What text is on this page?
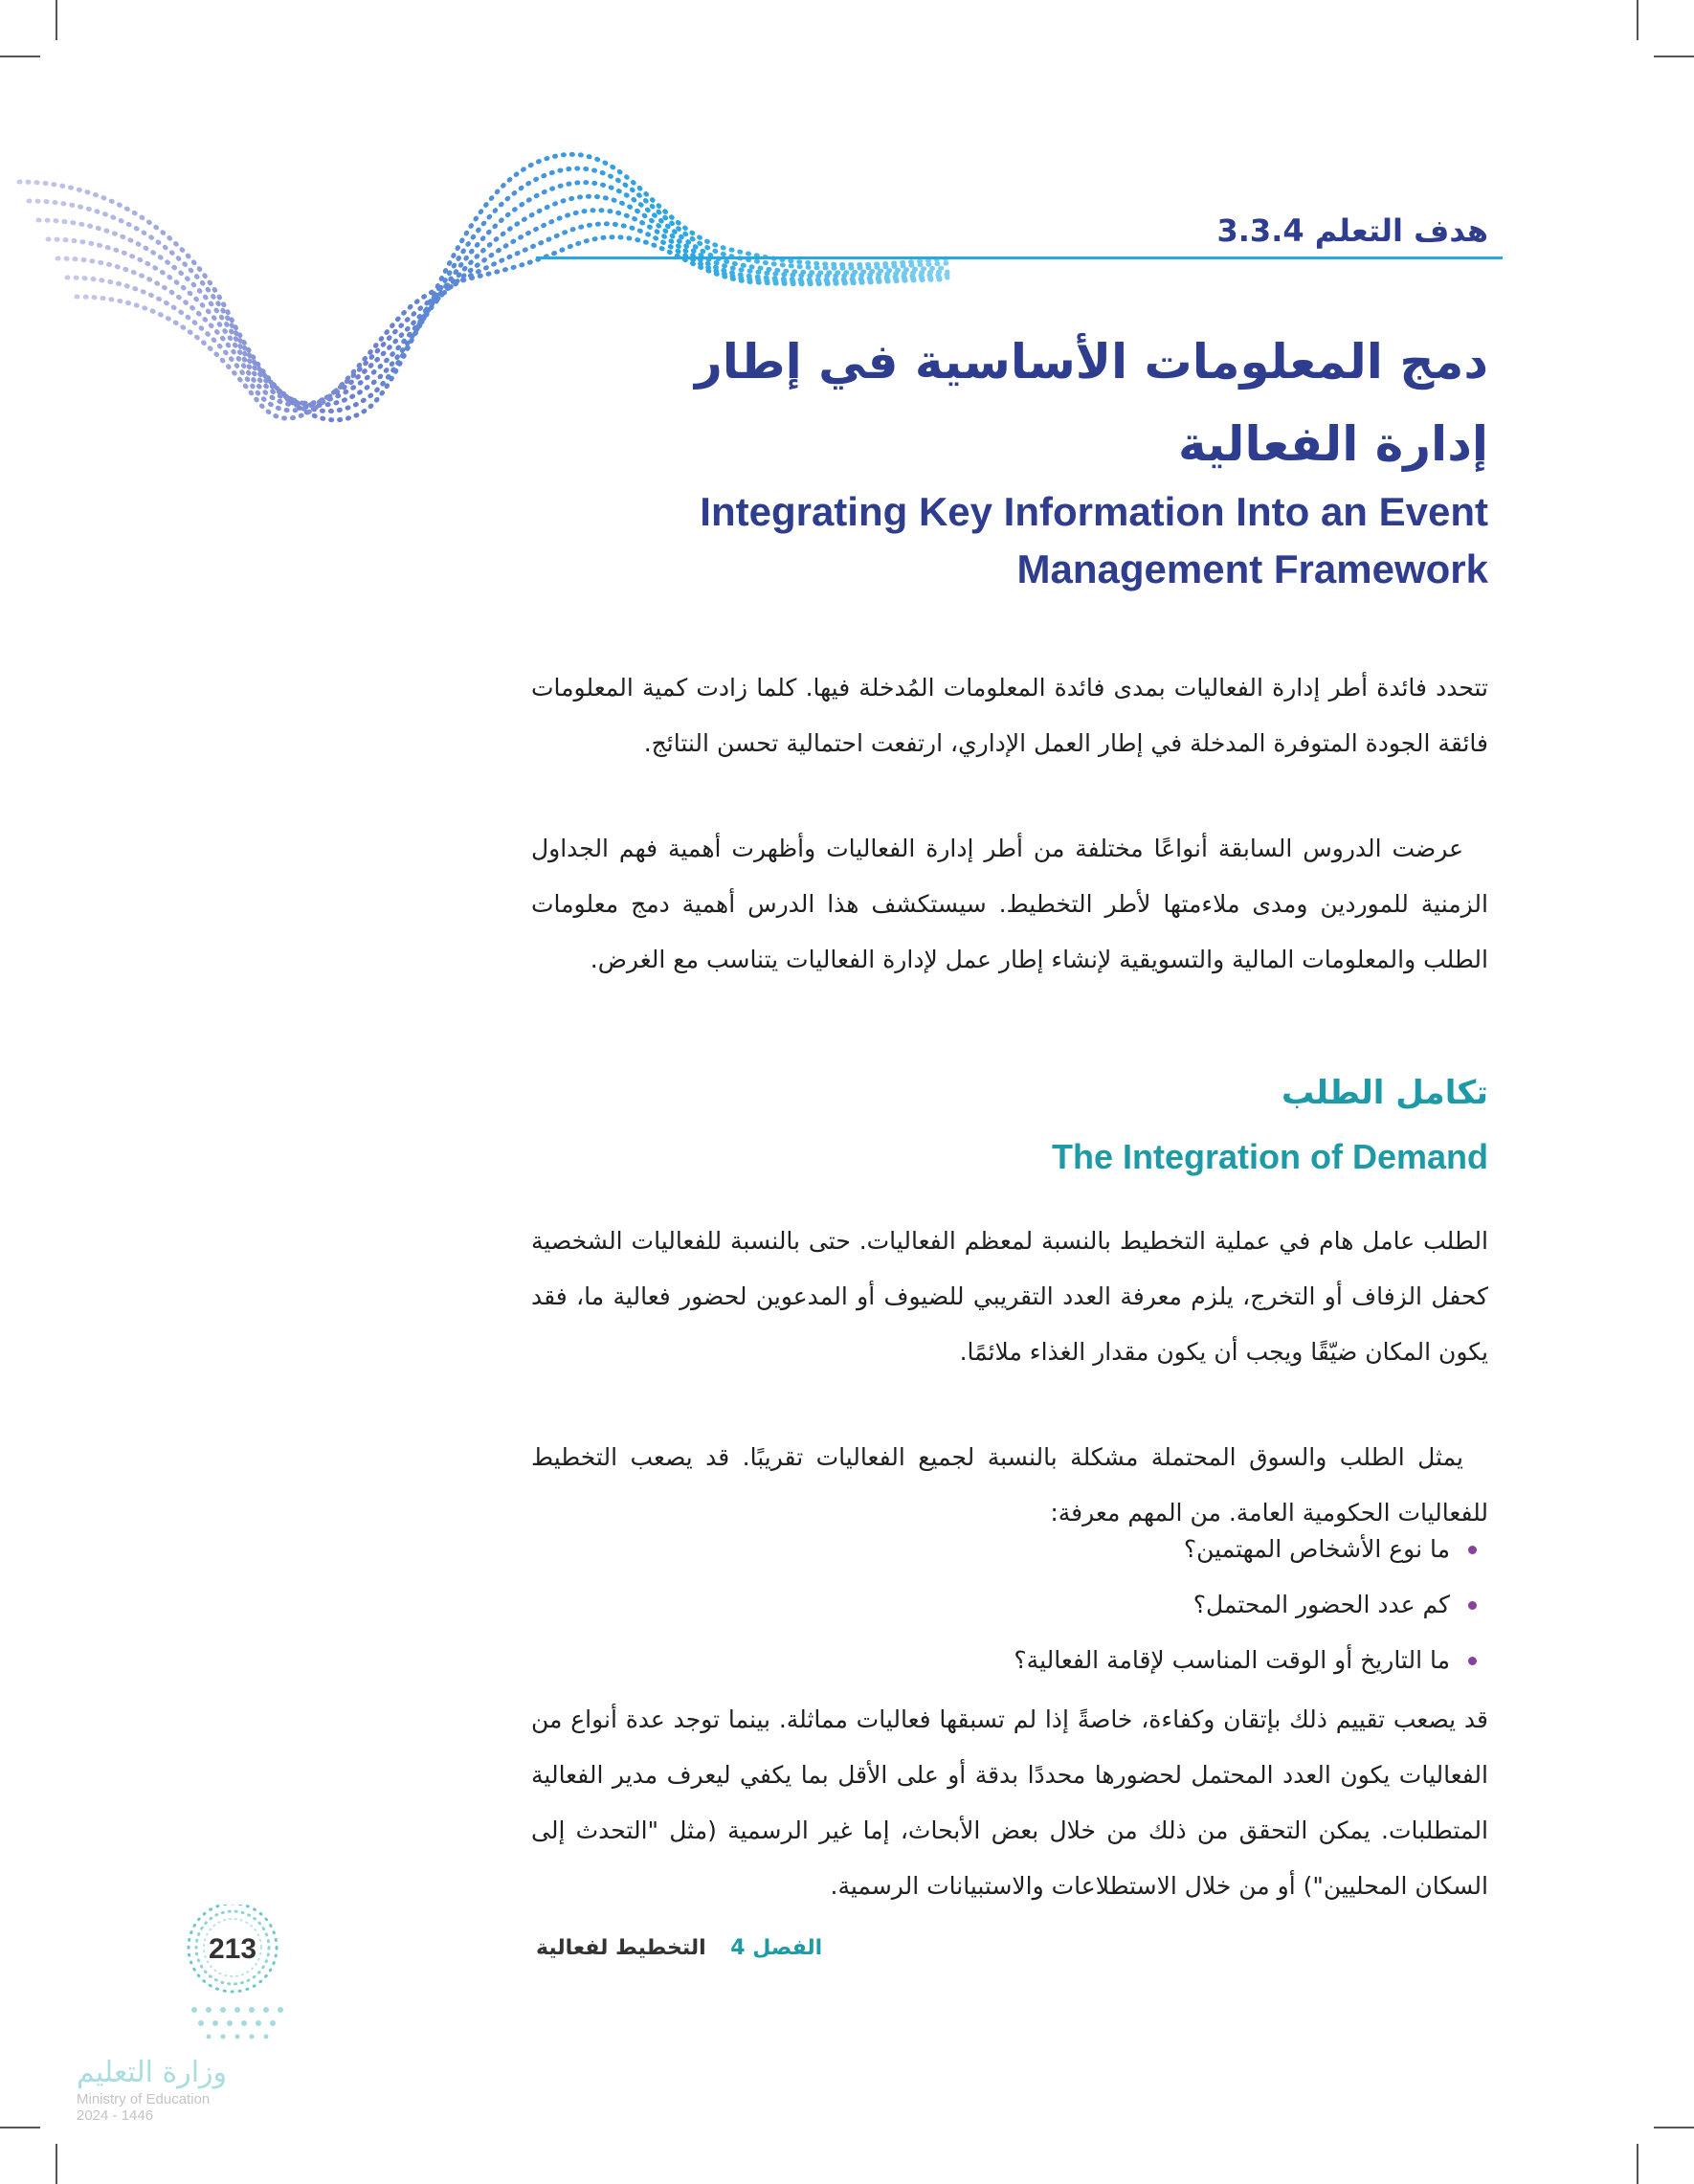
هدف التعلم 3.3.4
دمج المعلومات الأساسية في إطار إدارة الفعالية
Integrating Key Information Into an Event Management Framework
تتحدد فائدة أطر إدارة الفعاليات بمدى فائدة المعلومات المُدخلة فيها. كلما زادت كمية المعلومات فائقة الجودة المتوفرة المدخلة في إطار العمل الإداري، ارتفعت احتمالية تحسن النتائج.
عرضت الدروس السابقة أنواعًا مختلفة من أطر إدارة الفعاليات وأظهرت أهمية فهم الجداول الزمنية للموردين ومدى ملاءمتها لأطر التخطيط. سيستكشف هذا الدرس أهمية دمج معلومات الطلب والمعلومات المالية والتسويقية لإنشاء إطار عمل لإدارة الفعاليات يتناسب مع الغرض.
تكامل الطلب
The Integration of Demand
الطلب عامل هام في عملية التخطيط بالنسبة لمعظم الفعاليات. حتى بالنسبة للفعاليات الشخصية كحفل الزفاف أو التخرج، يلزم معرفة العدد التقريبي للضيوف أو المدعوين لحضور فعالية ما، فقد يكون المكان ضيّقًا ويجب أن يكون مقدار الغذاء ملائمًا.
يمثل الطلب والسوق المحتملة مشكلة بالنسبة لجميع الفعاليات تقريبًا. قد يصعب التخطيط للفعاليات الحكومية العامة. من المهم معرفة:
ما نوع الأشخاص المهتمين؟
كم عدد الحضور المحتمل؟
ما التاريخ أو الوقت المناسب لإقامة الفعالية؟
قد يصعب تقييم ذلك بإتقان وكفاءة، خاصةً إذا لم تسبقها فعاليات مماثلة. بينما توجد عدة أنواع من الفعاليات يكون العدد المحتمل لحضورها محددًا بدقة أو على الأقل بما يكفي ليعرف مدير الفعالية المتطلبات. يمكن التحقق من ذلك من خلال بعض الأبحاث، إما غير الرسمية (مثل "التحدث إلى السكان المحليين") أو من خلال الاستطلاعات والاستبيانات الرسمية.
213	الفصل 4 التخطيط لفعالية
وزارة التعليم
Ministry of Education
2024 - 1446
